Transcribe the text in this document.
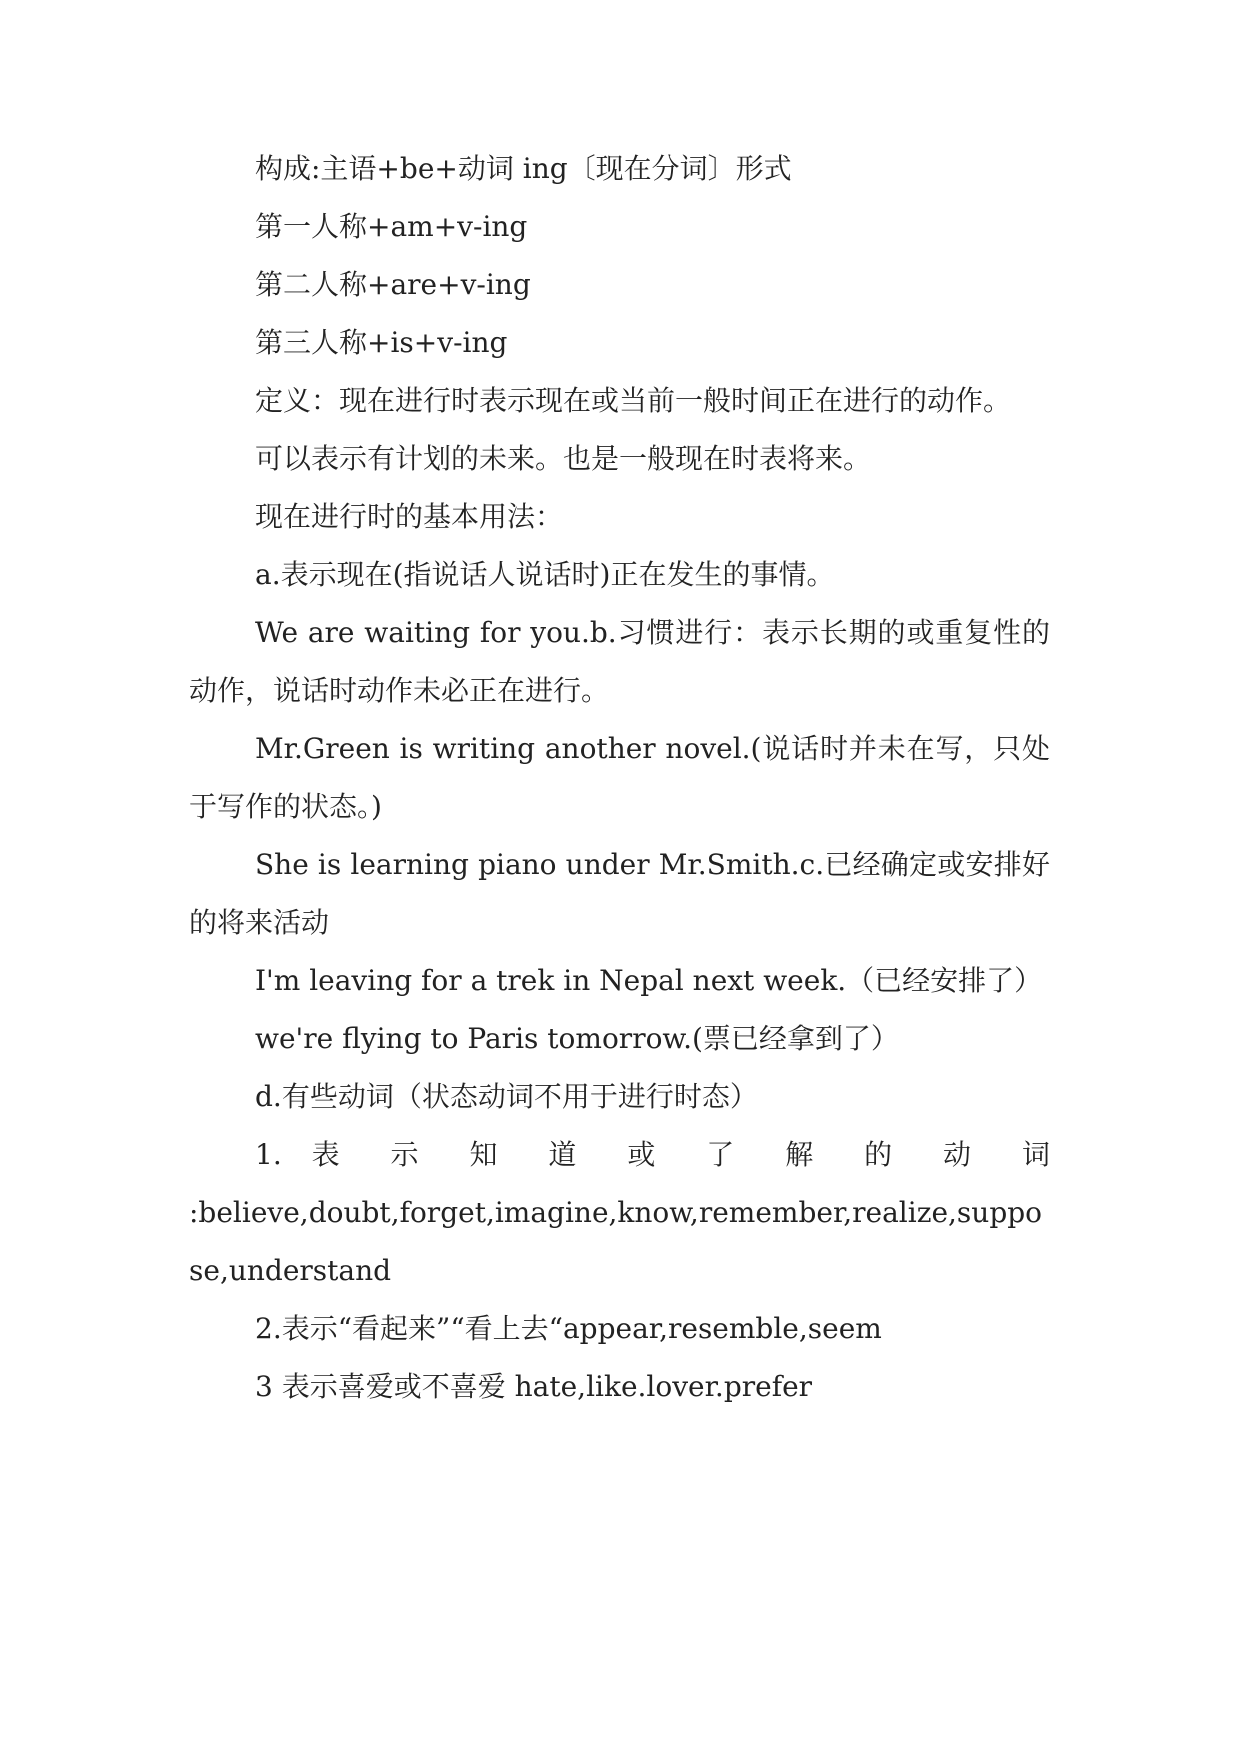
构成:主语+be+动词 ing〔现在分词〕形式

第一人称+am+v-ing

第二人称+are+v-ing

第三人称+is+v-ing

定义：现在进行时表示现在或当前一般时间正在进行的动作。

可以表示有计划的未来。也是一般现在时表将来。

现在进行时的基本用法：

a.表示现在(指说话人说话时)正在发生的事情。

We are waiting for you.b.习惯进行：表示长期的或重复性的动作，说话时动作未必正在进行。

Mr.Green is writing another novel.(说话时并未在写，只处于写作的状态。)

She is learning piano under Mr.Smith.c.已经确定或安排好的将来活动

I'm leaving for a trek in Nepal next week.（已经安排了）

we're flying to Paris tomorrow.(票已经拿到了）

d.有些动词（状态动词不用于进行时态）

1. 表 示 知 道 或 了 解 的 动 词 :believe,doubt,forget,imagine,know,remember,realize,suppose,understand

2.表示“看起来”“看上去“appear,resemble,seem

3 表示喜爱或不喜爱 hate,like.lover.prefer
